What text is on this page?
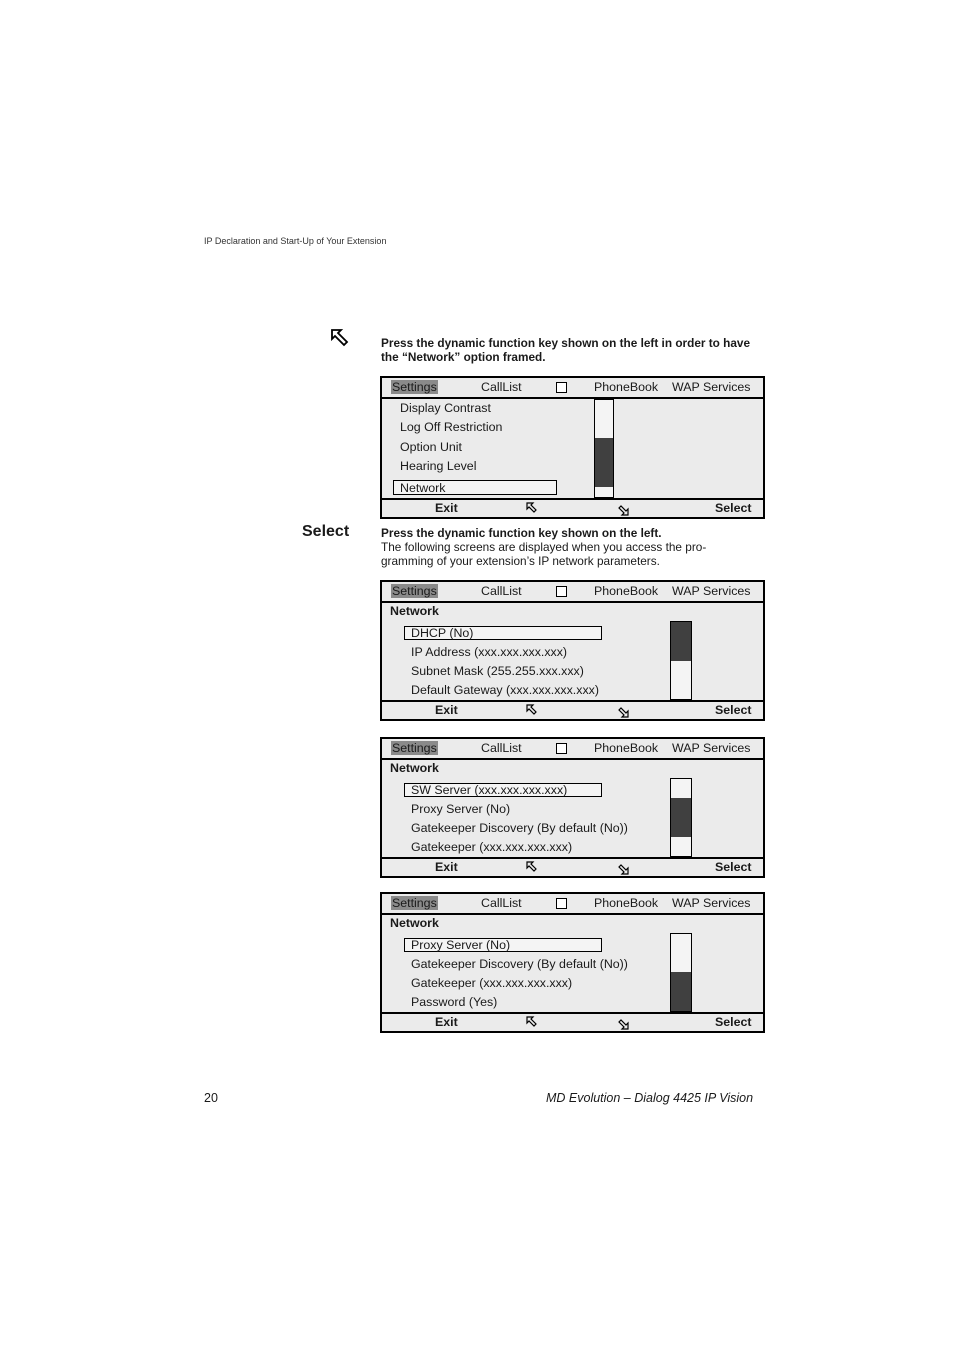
IP Declaration and Start-Up of Your Extension
Press the dynamic function key shown on the left in order to have the “Network” option framed.
Settings	CallList	PhoneBook WAP Services
Display Contrast
Log Off Restriction
Option Unit
Hearing Level
Network
Exit	Select
Select	Press the dynamic function key shown on the left.
The following screens are displayed when you access the pro-
gramming of your extension’s IP network parameters.
Settings	CallList	PhoneBook WAP Services
Network
DHCP (No)
IP Address (xxx.xxx.xxx.xxx)
Subnet Mask (255.255.xxx.xxx)
Default Gateway (xxx.xxx.xxx.xxx)
Exit	Select
Settings	CallList	PhoneBook WAP Services
Network
SW Server (xxx.xxx.xxx.xxx)
Proxy Server (No)
Gatekeeper Discovery (By default (No))
Gatekeeper (xxx.xxx.xxx.xxx)
Exit	Select
Settings	CallList	PhoneBook WAP Services
Network
Proxy Server (No)
Gatekeeper Discovery (By default (No))
Gatekeeper (xxx.xxx.xxx.xxx)
Password (Yes)
Exit	Select
20	MD Evolution – Dialog 4425 IP Vision
